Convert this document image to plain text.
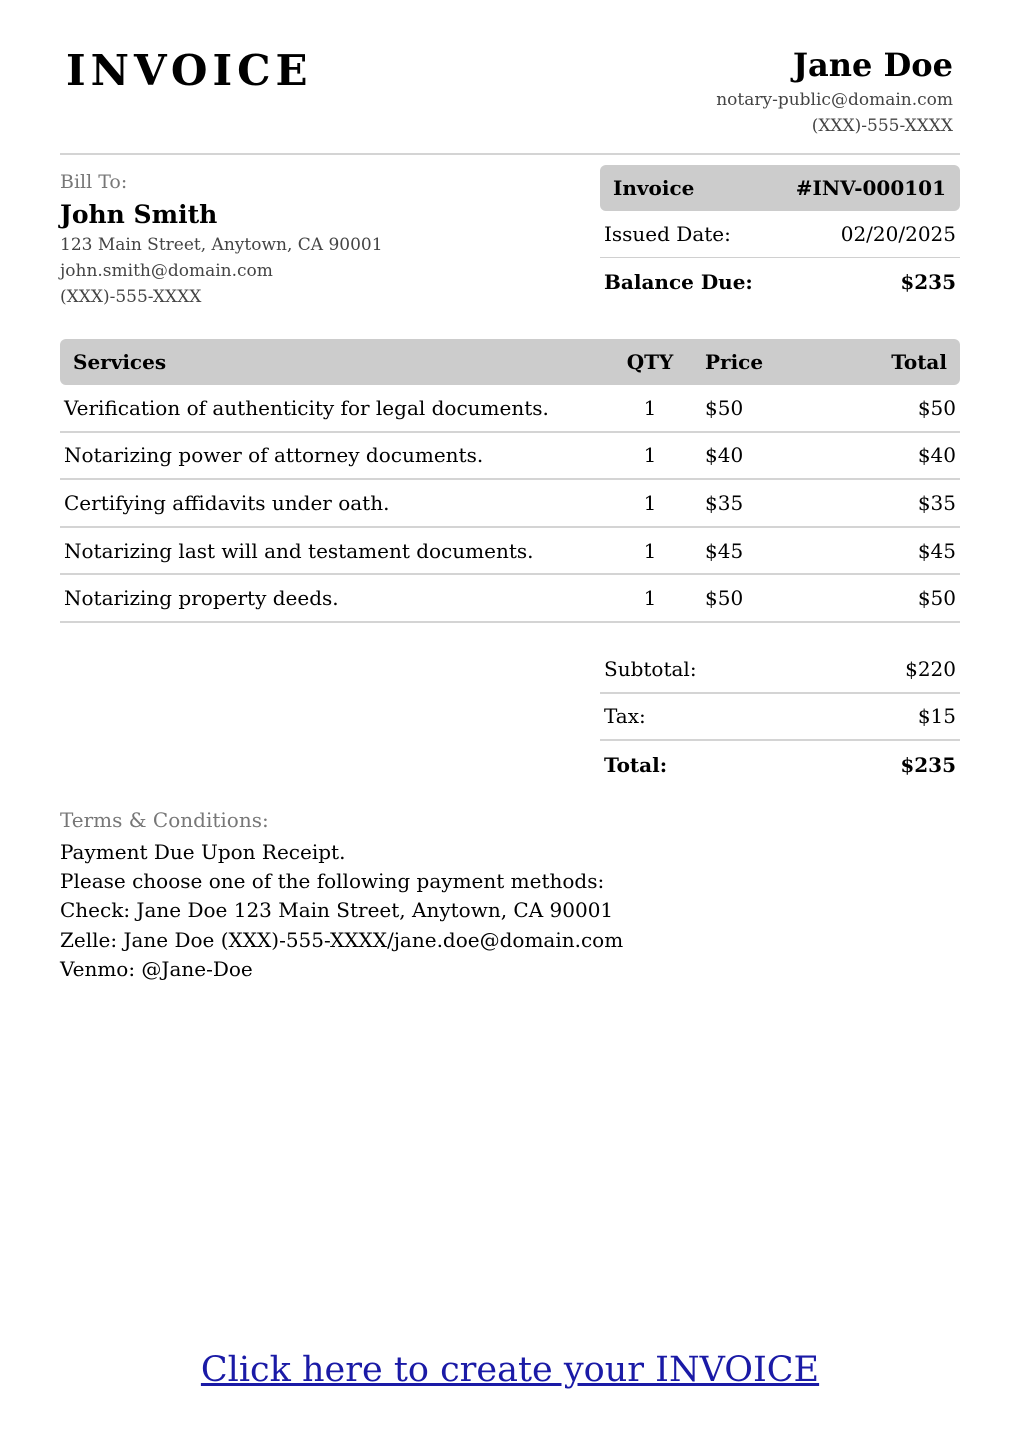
INVOICE	Jane Doe
notary-public@domain.com
(XXX)-555-XXXX
Bill To:
John Smith
123 Main Street, Anytown, CA 90001
john.smith@domain.com
(XXX)-555-XXXX
Invoice	#INV-000101
Issued Date:	02/20/2025
Balance Due:	$235
Services	QTY	Price	Total
Verification of authenticity for legal documents.	1	$50	$50
Notarizing power of attorney documents.	1	$40	$40
Certifying affidavits under oath.	1	$35	$35
Notarizing last will and testament documents.	1	$45	$45
Notarizing property deeds.	1	$50	$50
Subtotal:	$220
Tax:	$15
Total:	$235
Terms & Conditions:
Payment Due Upon Receipt.
Please choose one of the following payment methods:
Check: Jane Doe 123 Main Street, Anytown, CA 90001
Zelle: Jane Doe (XXX)-555-XXXX/jane.doe@domain.com
Venmo: @Jane-Doe
Click here to create your INVOICE
